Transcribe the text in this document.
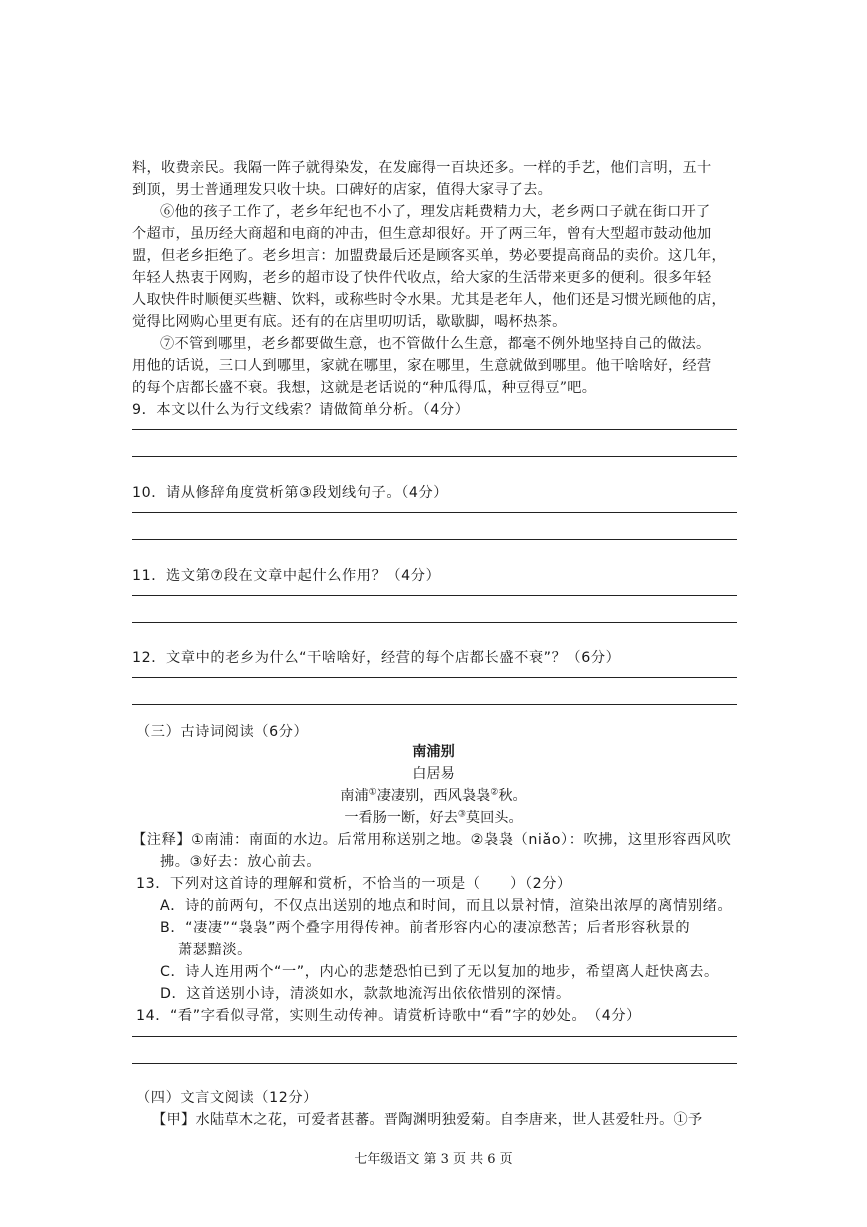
料，收费亲民。我隔一阵子就得染发，在发廊得一百块还多。一样的手艺，他们言明，五十
到顶，男士普通理发只收十块。口碑好的店家，值得大家寻了去。
⑥他的孩子工作了，老乡年纪也不小了，理发店耗费精力大，老乡两口子就在街口开了
个超市，虽历经大商超和电商的冲击，但生意却很好。开了两三年，曾有大型超市鼓动他加
盟，但老乡拒绝了。老乡坦言：加盟费最后还是顾客买单，势必要提高商品的卖价。这几年，
年轻人热衷于网购，老乡的超市设了快件代收点，给大家的生活带来更多的便利。很多年轻
人取快件时顺便买些糖、饮料，或称些时令水果。尤其是老年人，他们还是习惯光顾他的店，
觉得比网购心里更有底。还有的在店里叨叨话，歇歇脚，喝杯热茶。
⑦不管到哪里，老乡都要做生意，也不管做什么生意，都毫不例外地坚持自己的做法。
用他的话说，三口人到哪里，家就在哪里，家在哪里，生意就做到哪里。他干啥啥好，经营
的每个店都长盛不衰。我想，这就是老话说的“种瓜得瓜，种豆得豆”吧。
9．本文以什么为行文线索？请做简单分析。（4分）
10．请从修辞角度赏析第③段划线句子。（4分）
11．选文第⑦段在文章中起什么作用？（4分）
12．文章中的老乡为什么“干啥啥好，经营的每个店都长盛不衰”？（6分）
（三）古诗词阅读（6分）
南浦别
白居易
南浦①凄凄别，西风袅袅②秋。
一看肠一断，好去③莫回头。
【注释】①南浦：南面的水边。后常用称送别之地。②袅袅（niǎo）：吹拂，这里形容西风吹
拂。③好去：放心前去。
13．下列对这首诗的理解和赏析，不恰当的一项是（　　）（2分）
A．诗的前两句，不仅点出送别的地点和时间，而且以景衬情，渲染出浓厚的离情别绪。
B．“凄凄”“袅袅”两个叠字用得传神。前者形容内心的凄凉愁苦；后者形容秋景的
萧瑟黯淡。
C．诗人连用两个“一”，内心的悲楚恐怕已到了无以复加的地步，希望离人赶快离去。
D．这首送别小诗，清淡如水，款款地流泻出依依惜别的深情。
14．“看”字看似寻常，实则生动传神。请赏析诗歌中“看”字的妙处。　（4分）
（四）文言文阅读（12分）
【甲】水陆草木之花，可爱者甚蕃。晋陶渊明独爱菊。自李唐来，世人甚爱牡丹。①予
七年级语文 第 3 页 共 6 页
